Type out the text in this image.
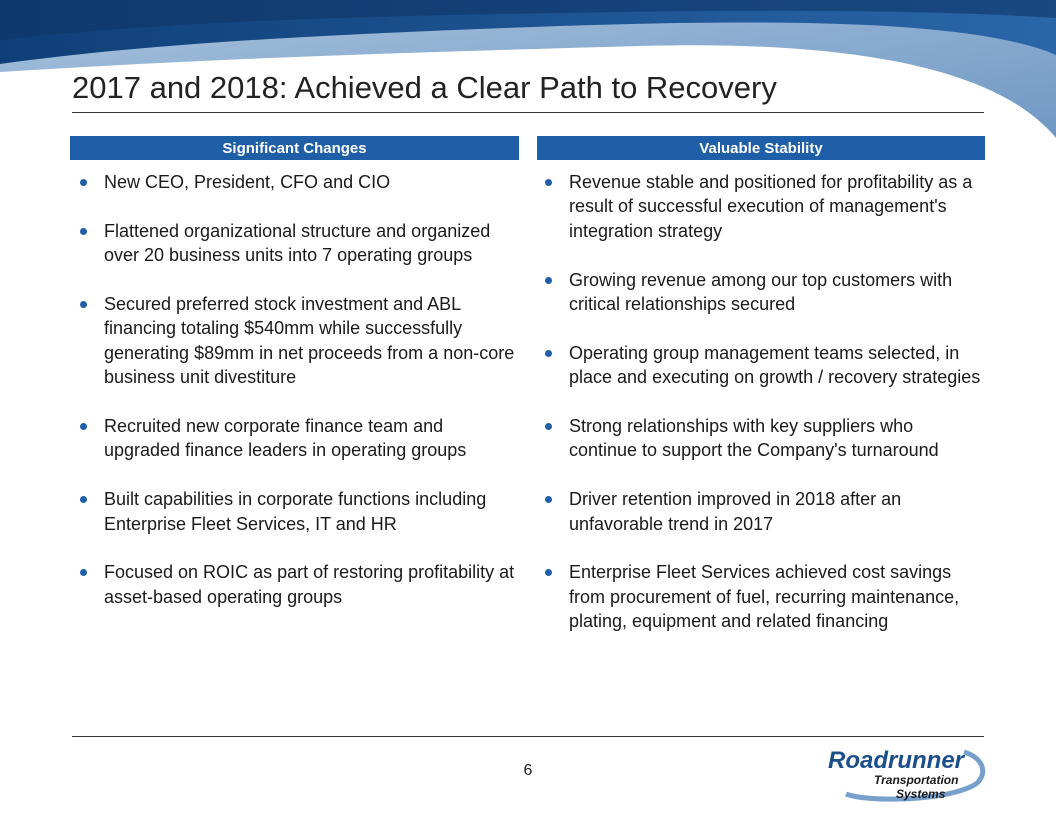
2017 and 2018: Achieved a Clear Path to Recovery
Significant Changes	Valuable Stability
New CEO, President, CFO and CIO
Flattened organizational structure and organized over 20 business units into 7 operating groups
Secured preferred stock investment and ABL financing totaling $540mm while successfully generating $89mm in net proceeds from a non-core business unit divestiture
Recruited new corporate finance team and upgraded finance leaders in operating groups
Built capabilities in corporate functions including Enterprise Fleet Services, IT and HR
Focused on ROIC as part of restoring profitability at asset-based operating groups
Revenue stable and positioned for profitability as a result of successful execution of management's integration strategy
Growing revenue among our top customers with critical relationships secured
Operating group management teams selected, in place and executing on growth / recovery strategies
Strong relationships with key suppliers who continue to support the Company's turnaround
Driver retention improved in 2018 after an unfavorable trend in 2017
Enterprise Fleet Services achieved cost savings from procurement of fuel, recurring maintenance, plating, equipment and related financing
6	Roadrunner
Transportation
Systems
